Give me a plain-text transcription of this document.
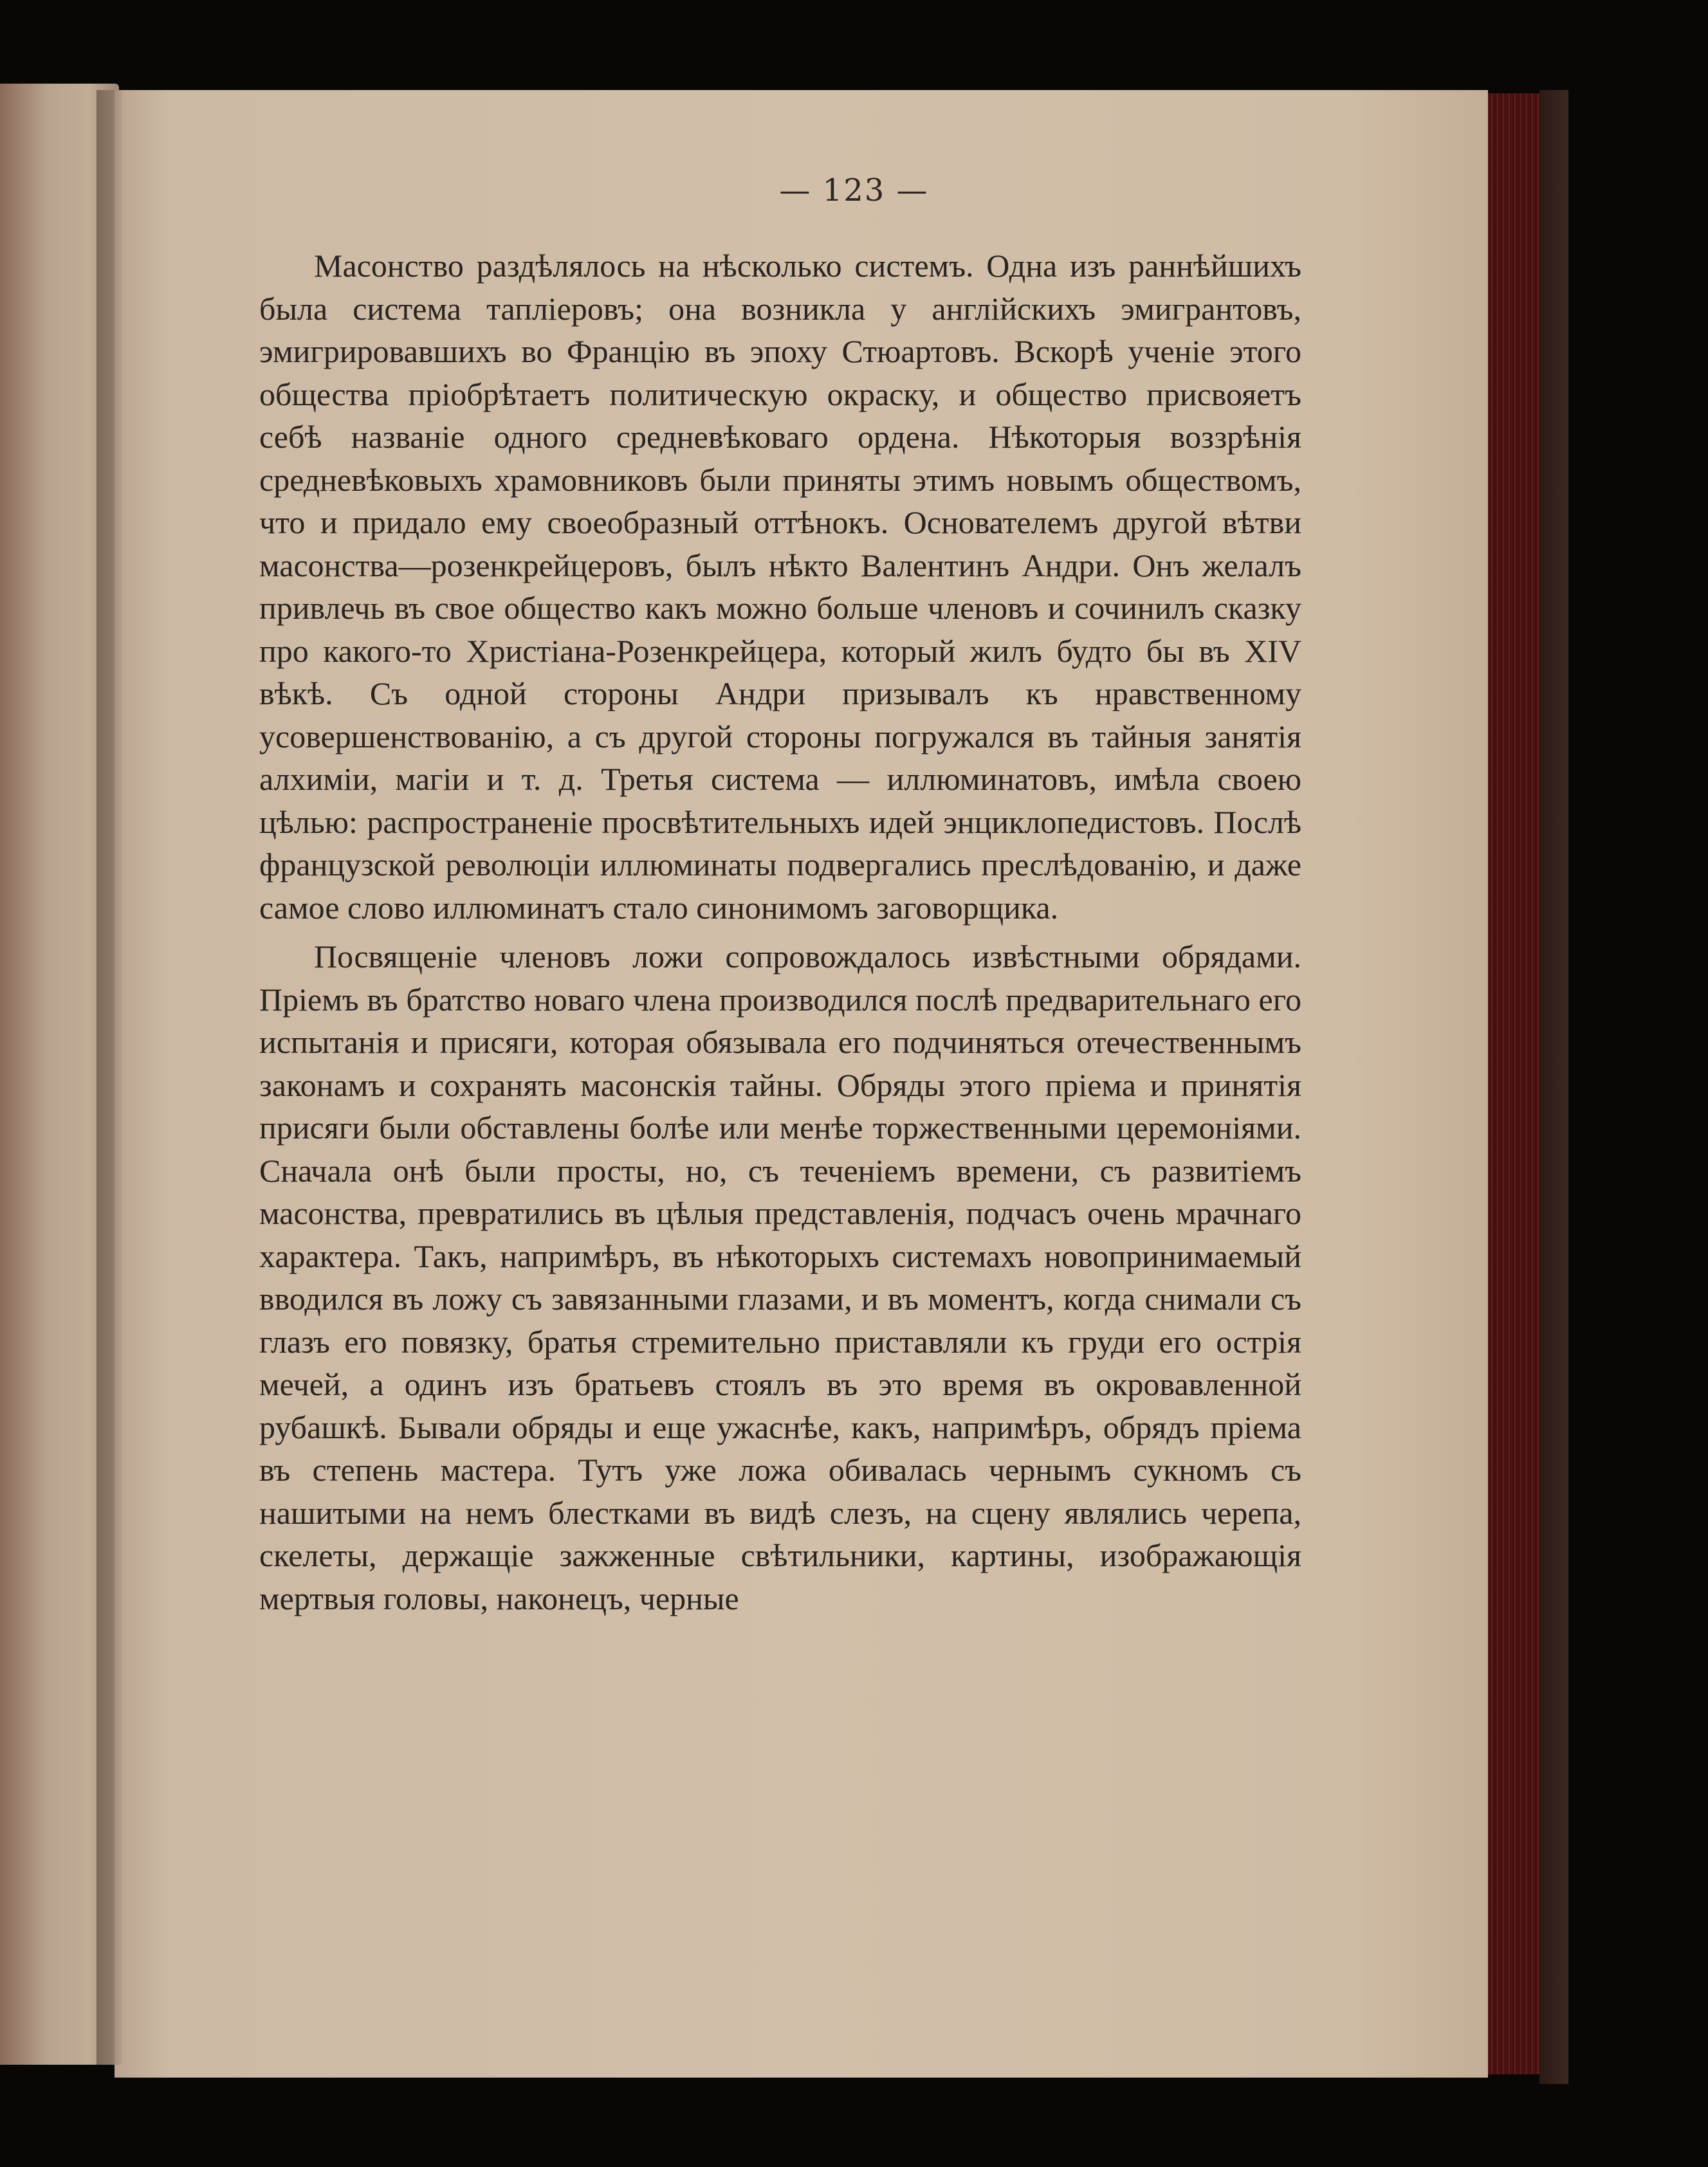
— 123 —

Масонство раздѣлялось на нѣсколько системъ. Одна изъ раннѣйшихъ была система таплiеровъ; она возникла у англiйскихъ эмигрантовъ, эмигрировавшихъ во Францiю въ эпоху Стюартовъ. Вскорѣ ученiе этого общества прiобрѣтаетъ политическую окраску, и общество присвояетъ себѣ названiе одного средневѣковаго ордена. Нѣкоторыя воззрѣнiя средневѣковыхъ храмовниковъ были приняты этимъ новымъ обществомъ, что и придало ему своеобразный оттѣнокъ. Основателемъ другой вѣтви масонства—розенкрейцеровъ, былъ нѣкто Валентинъ Андри. Онъ желалъ привлечь въ свое общество какъ можно больше членовъ и сочинилъ сказку про какого-то Христiана-Розенкрейцера, который жилъ будто бы въ XIV вѣкѣ. Съ одной стороны Андри призывалъ къ нравственному усовершенствованiю, а съ другой стороны погружался въ тайныя занятiя алхимiи, магiи и т. д. Третья система — иллюминатовъ, имѣла своею цѣлью: распространенiе просвѣтительныхъ идей энциклопедистовъ. Послѣ французской революцiи иллюминаты подвергались преслѣдованiю, и даже самое слово иллюминатъ стало синонимомъ заговорщика.

Посвященiе членовъ ложи сопровождалось извѣстными обрядами. Прiемъ въ братство новаго члена производился послѣ предварительнаго его испытанiя и присяги, которая обязывала его подчиняться отечественнымъ законамъ и сохранять масонскiя тайны. Обряды этого прiема и принятiя присяги были обставлены болѣе или менѣе торжественными церемонiями. Сначала онѣ были просты, но, съ теченiемъ времени, съ развитiемъ масонства, превратились въ цѣлыя представленiя, подчасъ очень мрачнаго характера. Такъ, напримѣръ, въ нѣкоторыхъ системахъ новопринимаемый вводился въ ложу съ завязанными глазами, и въ моментъ, когда снимали съ глазъ его повязку, братья стремительно приставляли къ груди его острiя мечей, а одинъ изъ братьевъ стоялъ въ это время въ окровавленной рубашкѣ. Бывали обряды и еще ужаснѣе, какъ, напримѣръ, обрядъ прiема въ степень мастера. Тутъ уже ложа обивалась чернымъ сукномъ съ нашитыми на немъ блестками въ видѣ слезъ, на сцену являлись черепа, скелеты, держащiе зажженные свѣтильники, картины, изображающiя мертвыя головы, наконецъ, черные
